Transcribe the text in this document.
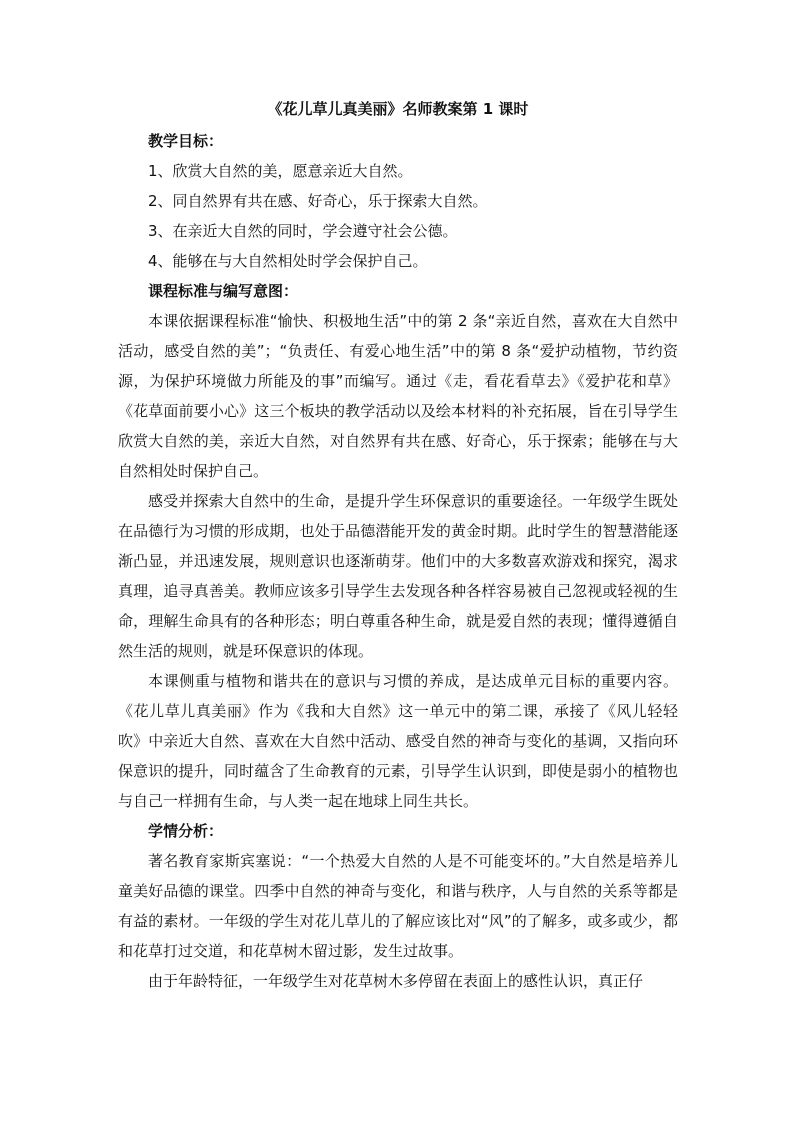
《花儿草儿真美丽》名师教案第 1 课时

教学目标：

1、欣赏大自然的美，愿意亲近大自然。

2、同自然界有共在感、好奇心，乐于探索大自然。

3、在亲近大自然的同时，学会遵守社会公德。

4、能够在与大自然相处时学会保护自己。

课程标准与编写意图：

本课依据课程标准“愉快、积极地生活”中的第 2 条“亲近自然，喜欢在大自然中活动，感受自然的美”；“负责任、有爱心地生活”中的第 8 条“爱护动植物，节约资源，为保护环境做力所能及的事”而编写。通过《走，看花看草去》《爱护花和草》《花草面前要小心》这三个板块的教学活动以及绘本材料的补充拓展，旨在引导学生欣赏大自然的美，亲近大自然，对自然界有共在感、好奇心，乐于探索；能够在与大自然相处时保护自己。

感受并探索大自然中的生命，是提升学生环保意识的重要途径。一年级学生既处在品德行为习惯的形成期，也处于品德潜能开发的黄金时期。此时学生的智慧潜能逐渐凸显，并迅速发展，规则意识也逐渐萌芽。他们中的大多数喜欢游戏和探究，渴求真理，追寻真善美。教师应该多引导学生去发现各种各样容易被自己忽视或轻视的生命，理解生命具有的各种形态；明白尊重各种生命，就是爱自然的表现；懂得遵循自然生活的规则，就是环保意识的体现。

本课侧重与植物和谐共在的意识与习惯的养成，是达成单元目标的重要内容。《花儿草儿真美丽》作为《我和大自然》这一单元中的第二课，承接了《风儿轻轻吹》中亲近大自然、喜欢在大自然中活动、感受自然的神奇与变化的基调，又指向环保意识的提升，同时蕴含了生命教育的元素，引导学生认识到，即使是弱小的植物也与自己一样拥有生命，与人类一起在地球上同生共长。

学情分析：

著名教育家斯宾塞说：“一个热爱大自然的人是不可能变坏的。”大自然是培养儿童美好品德的课堂。四季中自然的神奇与变化，和谐与秩序，人与自然的关系等都是有益的素材。一年级的学生对花儿草儿的了解应该比对“风”的了解多，或多或少，都和花草打过交道，和花草树木留过影，发生过故事。

由于年龄特征，一年级学生对花草树木多停留在表面上的感性认识，真正仔
